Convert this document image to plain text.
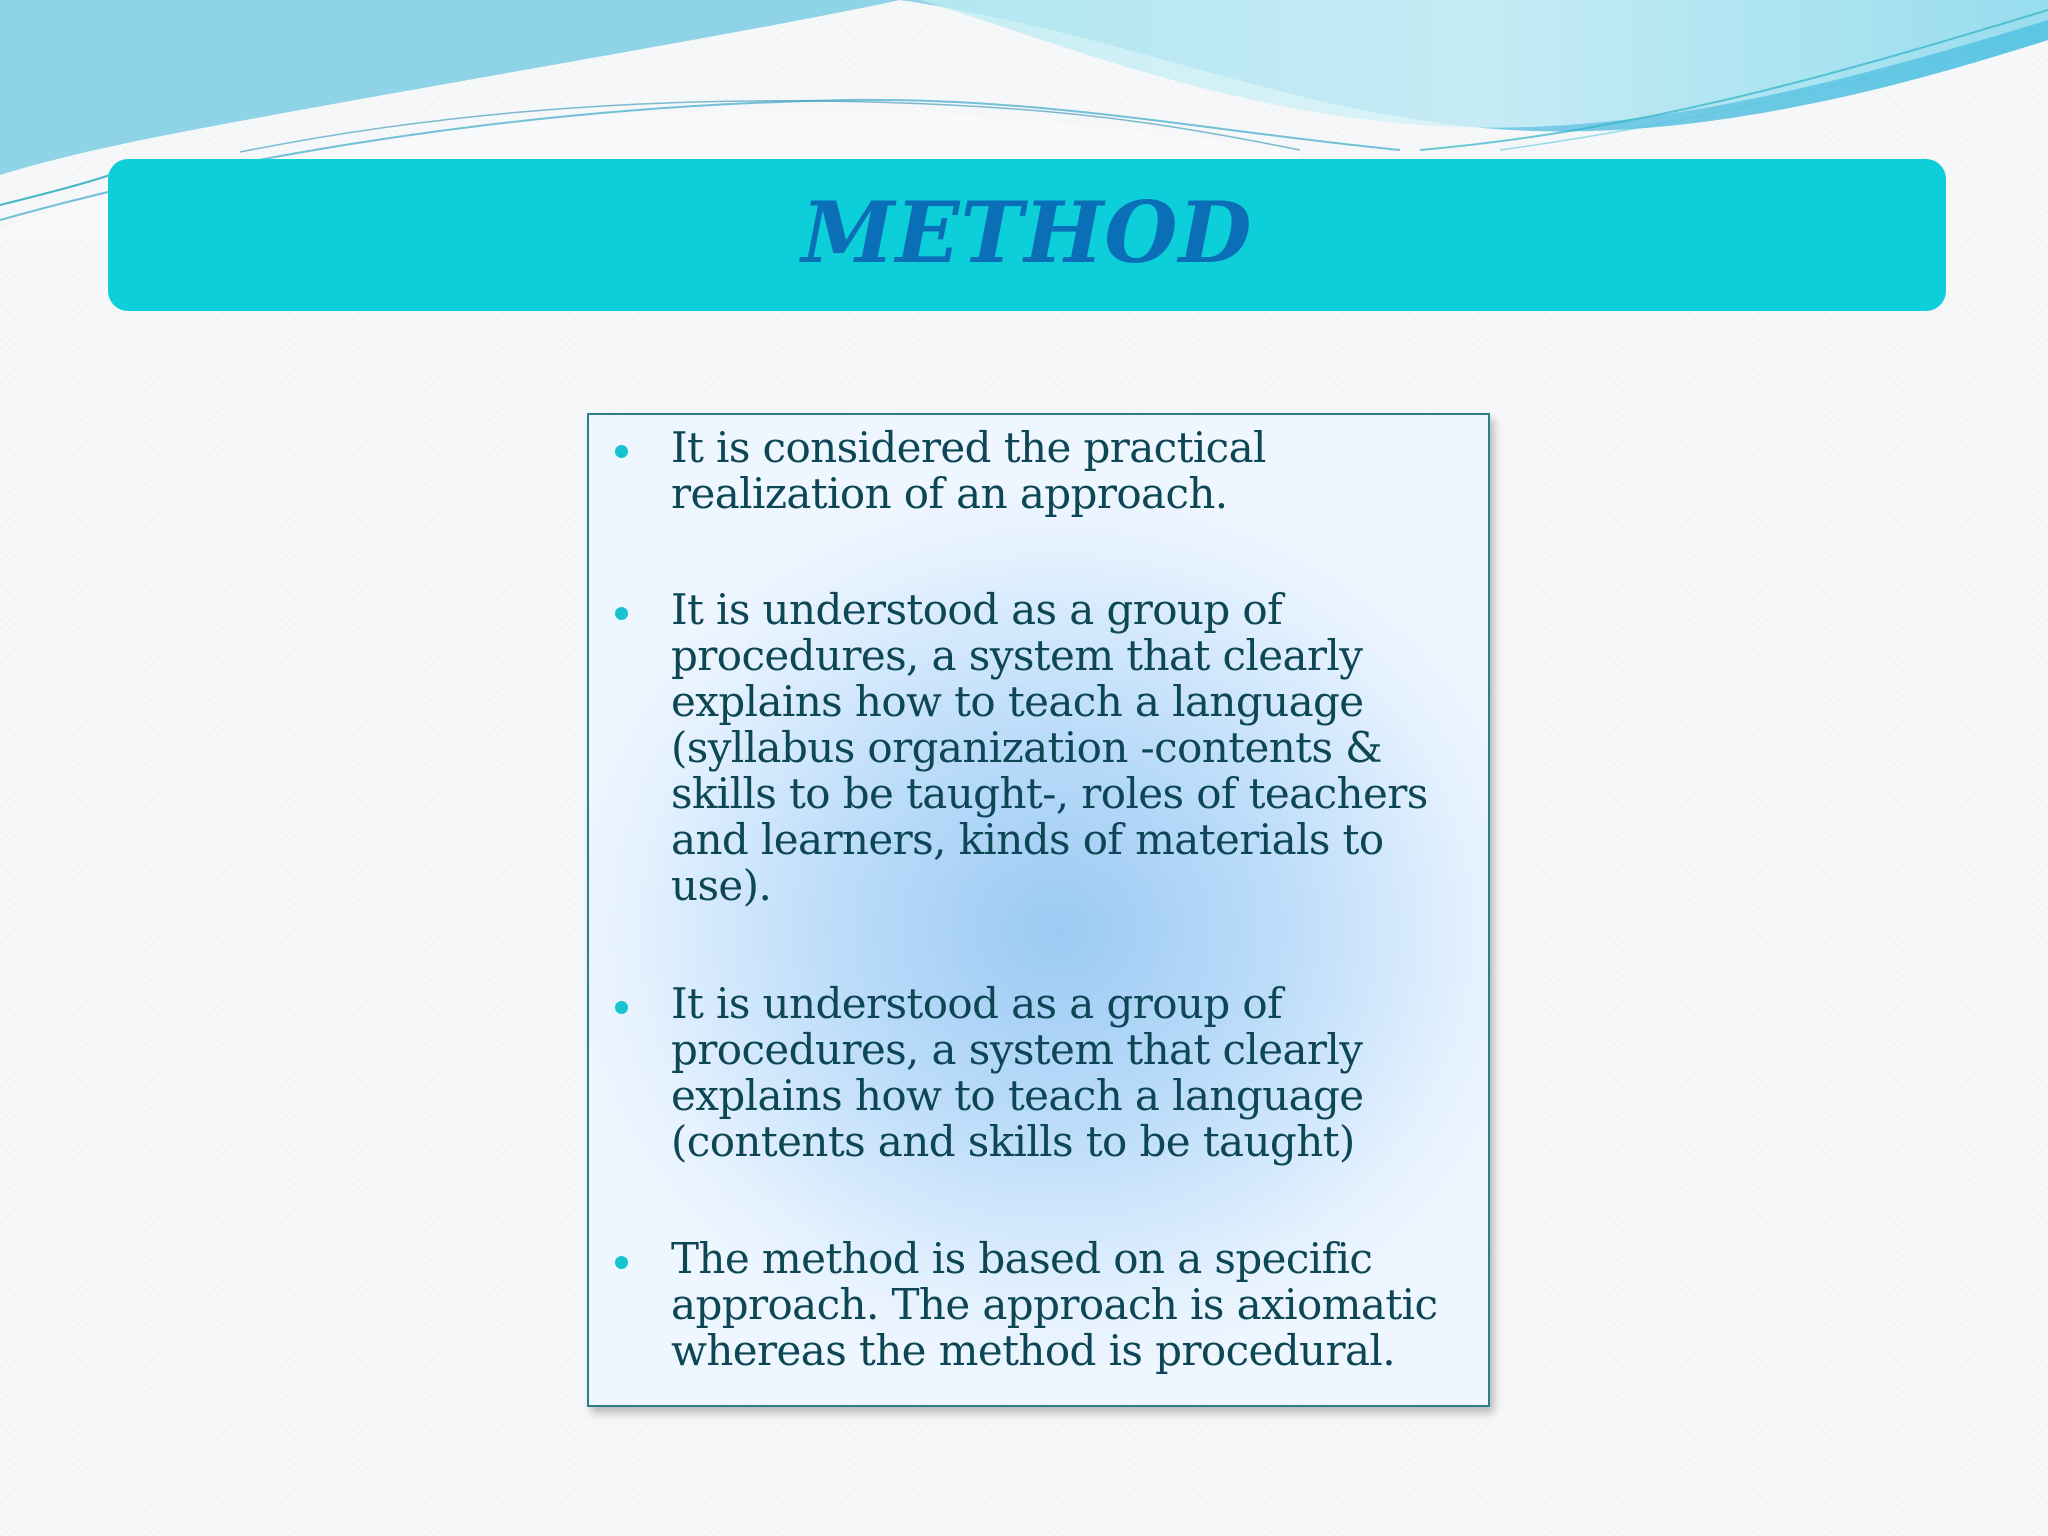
METHOD

It is considered the practical
realization of an approach.

It is understood as a group of
procedures, a system that clearly
explains how to teach a language
(syllabus organization -contents &
skills to be taught-, roles of teachers
and learners, kinds of materials to
use).

It is understood as a group of
procedures, a system that clearly
explains how to teach a language
(contents and skills to be taught)

The method is based on a specific
approach. The approach is axiomatic
whereas the method is procedural.
